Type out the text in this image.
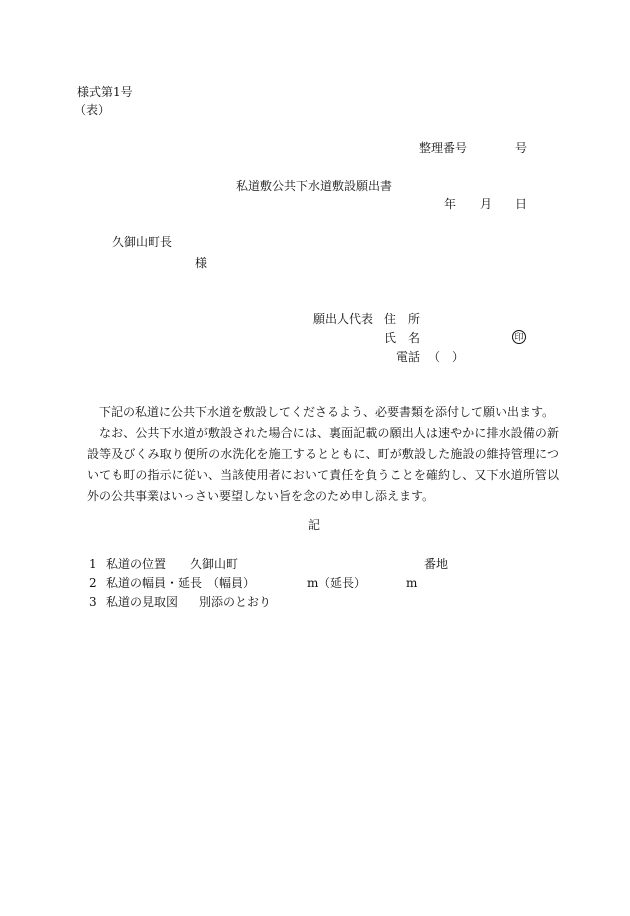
様式第1号
（表）
整理番号	号
私道敷公共下水道敷設願出書
年 月 日
久御山町長
様
願出人代表 住　所
氏　名	印
電話 （　）

下記の私道に公共下水道を敷設してくださるよう、必要書類を添付して願い出ます。

なお、公共下水道が敷設された場合には、裏面記載の願出人は速やかに排水設備の新設等及びくみ取り便所の水洗化を施工するとともに、町が敷設した施設の維持管理についても町の指示に従い、当該使用者において責任を負うことを確約し、又下水道所管以外の公共事業はいっさい要望しない旨を念のため申し添えます。

記
1 私道の位置 久御山町	番地
2 私道の幅員・延長 （幅員）	m （延長）	m
3 私道の見取図 別添のとおり
